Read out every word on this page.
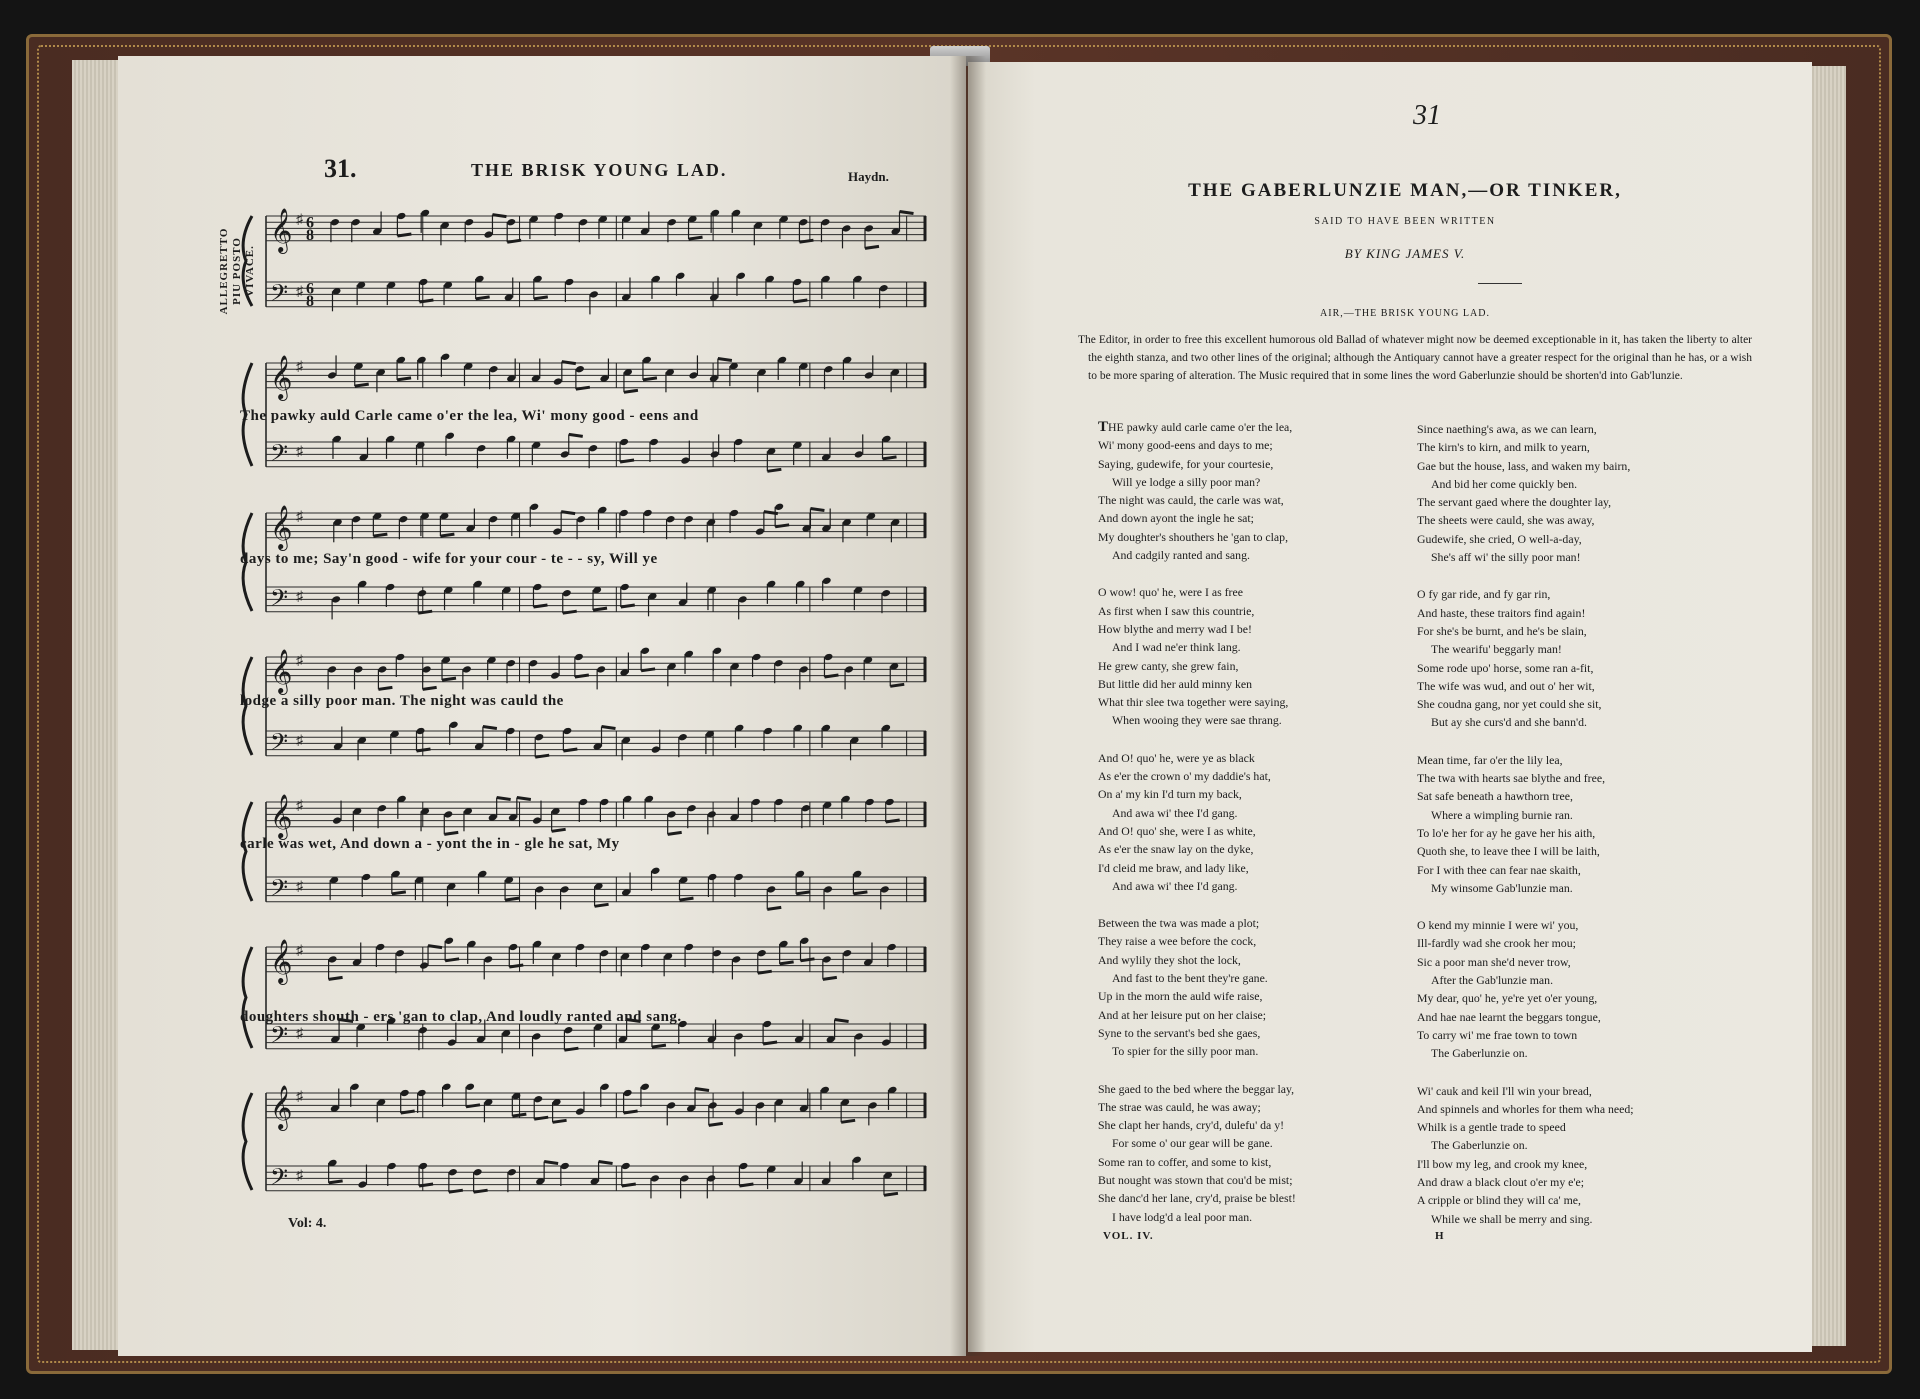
31.	THE BRISK YOUNG LAD.	Haydn.
ALLEGRETTO PIU POSTO VIVACE.
𝄞 ♯
8
6
𝄢 ♯
8
6
𝄞 ♯
𝄢 ♯
𝄞 ♯
𝄢 ♯
𝄞 ♯
𝄢 ♯
𝄞 ♯
𝄢 ♯
𝄞 ♯
𝄢 ♯
𝄞 ♯
𝄢 ♯
The pawky auld Carle came o'er the lea, Wi' mony good - eens and
days to me; Say'n good - wife for your cour - te - - sy, Will ye
lodge a silly poor man. The night was cauld the
carle was wet, And down a - yont the in - gle he sat, My
doughters shouth - ers 'gan to clap, And loudly ranted and sang.
Vol: 4.
31
THE GABERLUNZIE MAN,—OR TINKER,
SAID TO HAVE BEEN WRITTEN
BY KING JAMES V.
AIR,—THE BRISK YOUNG LAD.

The Editor, in order to free this excellent humorous old Ballad of whatever might now be deemed exceptionable in it, has taken the liberty to alter the eighth stanza, and two other lines of the original; although the Antiquary cannot have a greater respect for the original than he has, or a wish to be more sparing of alteration. The Music required that in some lines the word Gaberlunzie should be shorten'd into Gab'lunzie.

THE pawky auld carle came o'er the lea,
Wi' mony good-eens and days to me;
Saying, gudewife, for your courtesie,
Will ye lodge a silly poor man?
The night was cauld, the carle was wat,
And down ayont the ingle he sat;
My doughter's shouthers he 'gan to clap,
And cadgily ranted and sang.
O wow! quo' he, were I as free
As first when I saw this countrie,
How blythe and merry wad I be!
And I wad ne'er think lang.
He grew canty, she grew fain,
But little did her auld minny ken
What thir slee twa together were saying,
When wooing they were sae thrang.
And O! quo' he, were ye as black
As e'er the crown o' my daddie's hat,
On a' my kin I'd turn my back,
And awa wi' thee I'd gang.
And O! quo' she, were I as white,
As e'er the snaw lay on the dyke,
I'd cleid me braw, and lady like,
And awa wi' thee I'd gang.
Between the twa was made a plot;
They raise a wee before the cock,
And wylily they shot the lock,
And fast to the bent they're gane.
Up in the morn the auld wife raise,
And at her leisure put on her claise;
Syne to the servant's bed she gaes,
To spier for the silly poor man.
She gaed to the bed where the beggar lay,
The strae was cauld, he was away;
She clapt her hands, cry'd, dulefu' da y!
For some o' our gear will be gane.
Some ran to coffer, and some to kist,
But nought was stown that cou'd be mist;
She danc'd her lane, cry'd, praise be blest!
I have lodg'd a leal poor man.
Since naething's awa, as we can learn,
The kirn's to kirn, and milk to yearn,
Gae but the house, lass, and waken my bairn,
And bid her come quickly ben.
The servant gaed where the doughter lay,
The sheets were cauld, she was away,
Gudewife, she cried, O well-a-day,
She's aff wi' the silly poor man!
O fy gar ride, and fy gar rin,
And haste, these traitors find again!
For she's be burnt, and he's be slain,
The wearifu' beggarly man!
Some rode upo' horse, some ran a-fit,
The wife was wud, and out o' her wit,
She coudna gang, nor yet could she sit,
But ay she curs'd and she bann'd.
Mean time, far o'er the lily lea,
The twa with hearts sae blythe and free,
Sat safe beneath a hawthorn tree,
Where a wimpling burnie ran.
To lo'e her for ay he gave her his aith,
Quoth she, to leave thee I will be laith,
For I with thee can fear nae skaith,
My winsome Gab'lunzie man.
O kend my minnie I were wi' you,
Ill-fardly wad she crook her mou;
Sic a poor man she'd never trow,
After the Gab'lunzie man.
My dear, quo' he, ye're yet o'er young,
And hae nae learnt the beggars tongue,
To carry wi' me frae town to town
The Gaberlunzie on.
Wi' cauk and keil I'll win your bread,
And spinnels and whorles for them wha need;
Whilk is a gentle trade to speed
The Gaberlunzie on.
I'll bow my leg, and crook my knee,
And draw a black clout o'er my e'e;
A cripple or blind they will ca' me,
While we shall be merry and sing.
VOL. IV.	H
